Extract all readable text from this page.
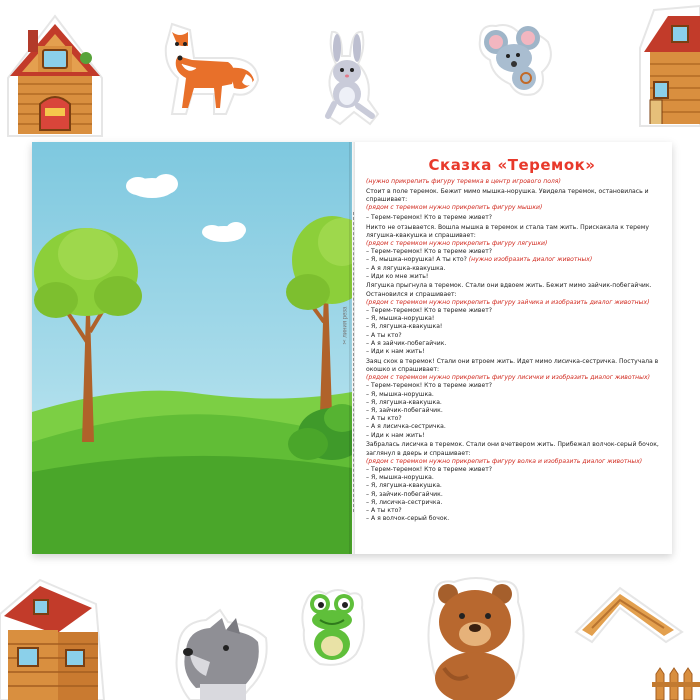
✂ линия реза
Сказка «Теремок»
(нужно прикрепить фигуру теремка в центр игрового поля)
Стоит в поле теремок. Бежит мимо мышка-норушка. Увидела теремок, остановилась и спрашивает:
(рядом с теремком нужно прикрепить фигуру мышки)
– Терем-теремок! Кто в тереме живет?
Никто не отзывается. Вошла мышка в теремок и стала там жить. Прискакала к терему лягушка-квакушка и спрашивает:
(рядом с теремком нужно прикрепить фигуру лягушки)
– Терем-теремок! Кто в тереме живет?
– Я, мышка-норушка! А ты кто? (нужно изобразить диалог животных)
– А я лягушка-квакушка.
– Иди ко мне жить!
Лягушка прыгнула в теремок. Стали они вдвоем жить. Бежит мимо зайчик-побегайчик. Остановился и спрашивает:
(рядом с теремком нужно прикрепить фигуру зайчика и изобразить диалог животных)
– Терем-теремок! Кто в тереме живет?
– Я, мышка-норушка!
– Я, лягушка-квакушка!
– А ты кто?
– А я зайчик-побегайчик.
– Иди к нам жить!
Заяц скок в теремок! Стали они втроем жить. Идет мимо лисичка-сестричка. Постучала в окошко и спрашивает:
(рядом с теремком нужно прикрепить фигуру лисички и изобразить диалог животных)
– Терем-теремок! Кто в тереме живет?
– Я, мышка-норушка.
– Я, лягушка-квакушка.
– Я, зайчик-побегайчик.
– А ты кто?
– А я лисичка-сестричка.
– Иди к нам жить!
Забралась лисичка в теремок. Стали они вчетвером жить. Прибежал волчок-серый бочок, заглянул в дверь и спрашивает:
(рядом с теремком нужно прикрепить фигуру волка и изобразить диалог животных)
– Терем-теремок! Кто в тереме живет?
– Я, мышка-норушка.
– Я, лягушка-квакушка.
– Я, зайчик-побегайчик.
– Я, лисичка-сестричка.
– А ты кто?
– А я волчок-серый бочок.
